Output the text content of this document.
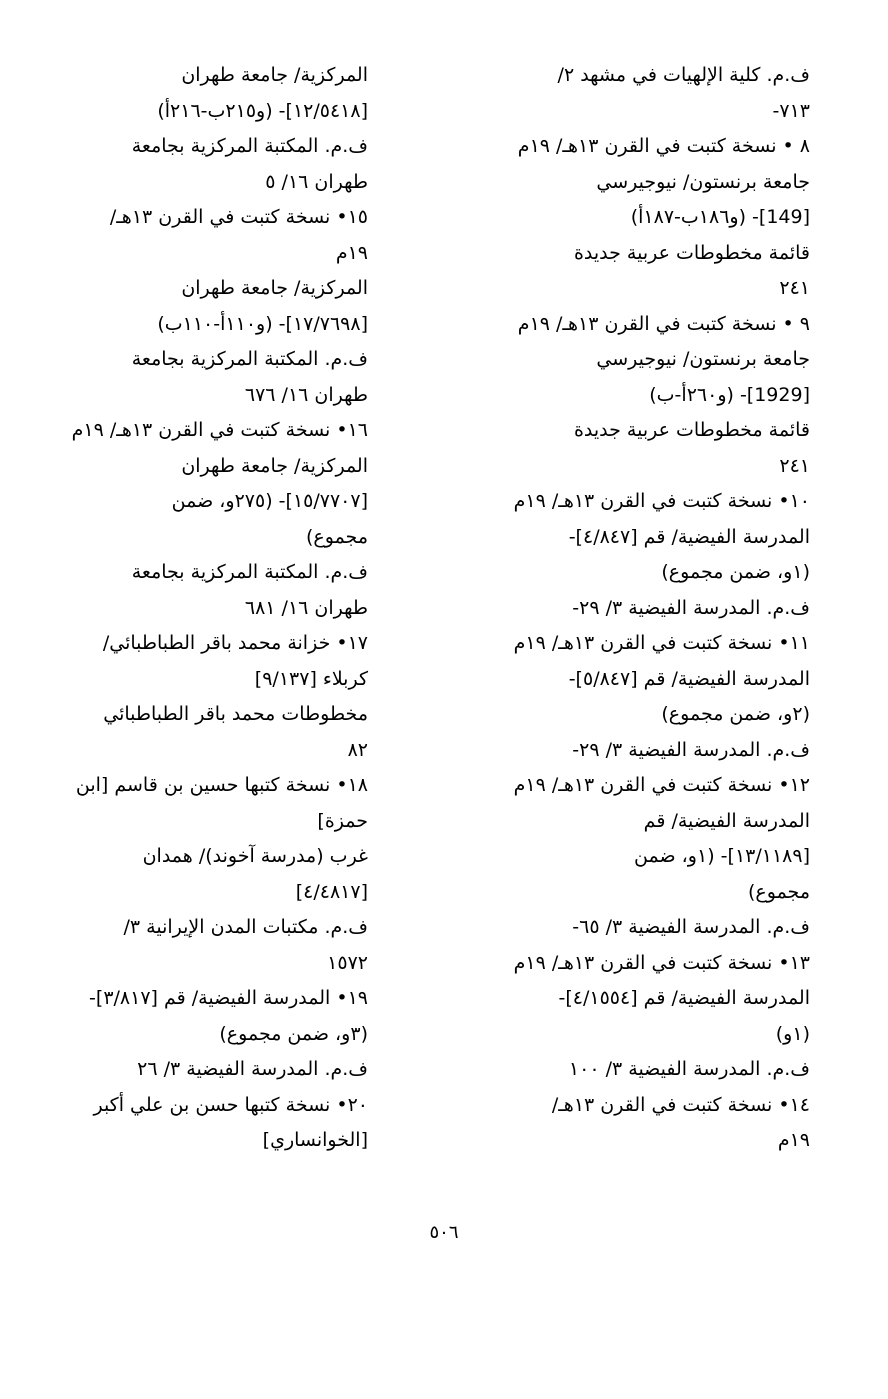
ف.م. كلية الإلهيات في مشهد ٢/
٧١٣-
٨ • نسخة كتبت في القرن ١٣هـ/ ١٩م
جامعة برنستون/ نيوجيرسي
[149]- (و١٨٦ب-١٨٧أ)
قائمة مخطوطات عربية جديدة
٢٤١
٩ • نسخة كتبت في القرن ١٣هـ/ ١٩م
جامعة برنستون/ نيوجيرسي
[1929]- (و٢٦٠أ-ب)
قائمة مخطوطات عربية جديدة
٢٤١
١٠• نسخة كتبت في القرن ١٣هـ/ ١٩م
المدرسة الفيضية/ قم [٤/٨٤٧]-
(١و، ضمن مجموع)
ف.م. المدرسة الفيضية ٣/ ٢٩-
١١• نسخة كتبت في القرن ١٣هـ/ ١٩م
المدرسة الفيضية/ قم [٥/٨٤٧]-
(٢و، ضمن مجموع)
ف.م. المدرسة الفيضية ٣/ ٢٩-
١٢• نسخة كتبت في القرن ١٣هـ/ ١٩م
المدرسة الفيضية/ قم
[١٣/١١٨٩]- (١و، ضمن
مجموع)
ف.م. المدرسة الفيضية ٣/ ٦٥-
١٣• نسخة كتبت في القرن ١٣هـ/ ١٩م
المدرسة الفيضية/ قم [٤/١٥٥٤]-
(١و)
ف.م. المدرسة الفيضية ٣/ ١٠٠
١٤• نسخة كتبت في القرن ١٣هـ/
١٩م
المركزية/ جامعة طهران
[١٢/٥٤١٨]- (و٢١٥ب-٢١٦أ)
ف.م. المكتبة المركزية بجامعة
طهران ١٦/ ٥
١٥• نسخة كتبت في القرن ١٣هـ/
١٩م
المركزية/ جامعة طهران
[١٧/٧٦٩٨]- (و١١٠أ-١١٠ب)
ف.م. المكتبة المركزية بجامعة
طهران ١٦/ ٦٧٦
١٦• نسخة كتبت في القرن ١٣هـ/ ١٩م
المركزية/ جامعة طهران
[١٥/٧٧٠٧]- (٢٧٥و، ضمن
مجموع)
ف.م. المكتبة المركزية بجامعة
طهران ١٦/ ٦٨١
١٧• خزانة محمد باقر الطباطبائي/
كربلاء [٩/١٣٧]
مخطوطات محمد باقر الطباطبائي
٨٢
١٨• نسخة كتبها حسين بن قاسم [ابن
حمزة]
غرب (مدرسة آخوند)/ همدان
[٤/٤٨١٧]
ف.م. مكتبات المدن الإيرانية ٣/
١٥٧٢
١٩• المدرسة الفيضية/ قم [٣/٨١٧]-
(٣و، ضمن مجموع)
ف.م. المدرسة الفيضية ٣/ ٢٦
٢٠• نسخة كتبها حسن بن علي أكبر
[الخوانساري]
٥٠٦
